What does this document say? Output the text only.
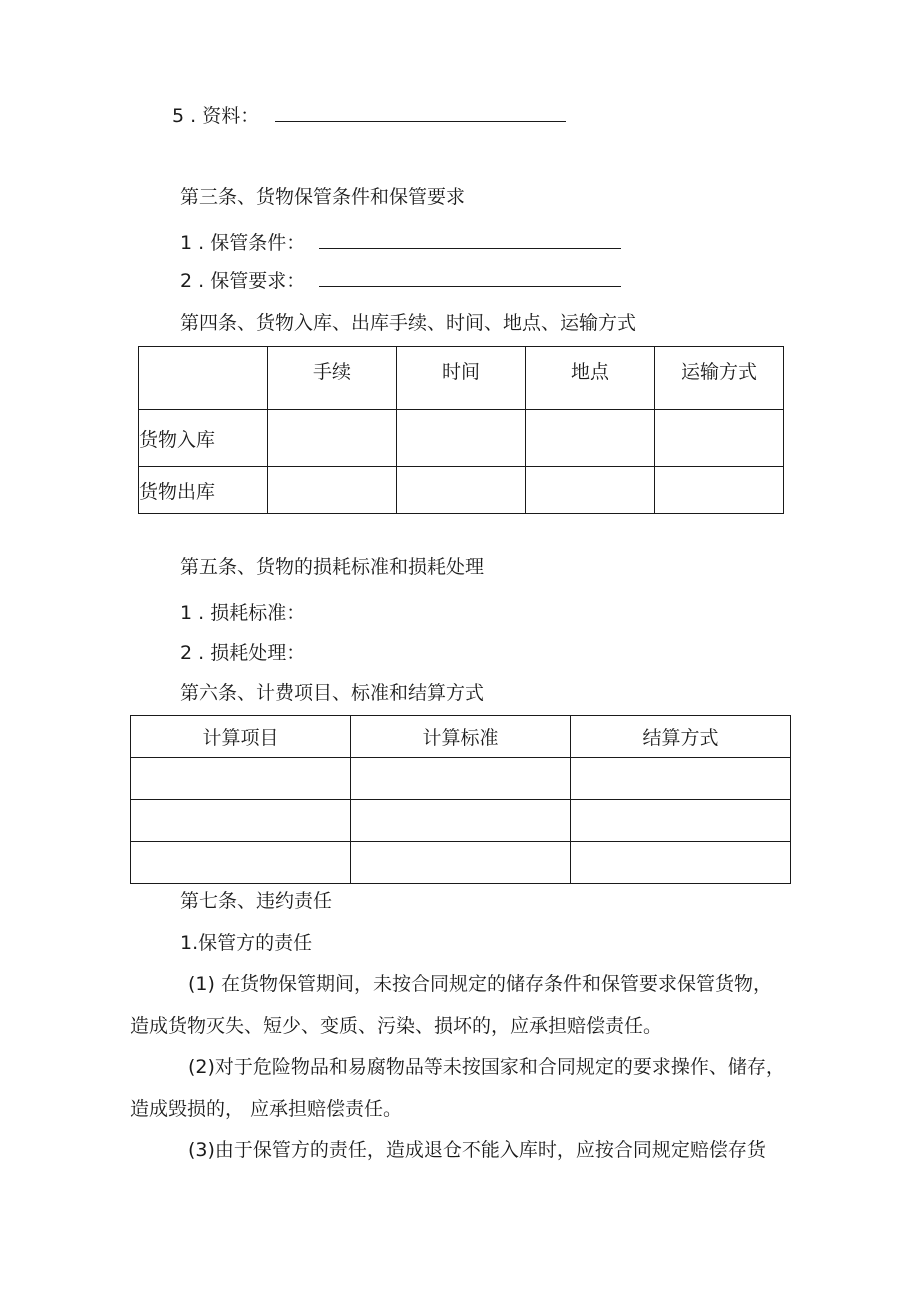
5 . 资料：
第三条、货物保管条件和保管要求
1 . 保管条件：
2 . 保管要求：
第四条、货物入库、出库手续、时间、地点、运输方式
	手续	时间	地点	运输方式
货物入库				
货物出库				
第五条、货物的损耗标准和损耗处理
1 . 损耗标准：
2 . 损耗处理：
第六条、计费项目、标准和结算方式
计算项目	计算标准	结算方式

第七条、违约责任
1.保管方的责任
(1) 在货物保管期间，未按合同规定的储存条件和保管要求保管货物，
造成货物灭失、短少、变质、污染、损坏的，应承担赔偿责任。
(2)对于危险物品和易腐物品等未按国家和合同规定的要求操作、储存，
造成毁损的， 应承担赔偿责任。
(3)由于保管方的责任，造成退仓不能入库时，应按合同规定赔偿存货
